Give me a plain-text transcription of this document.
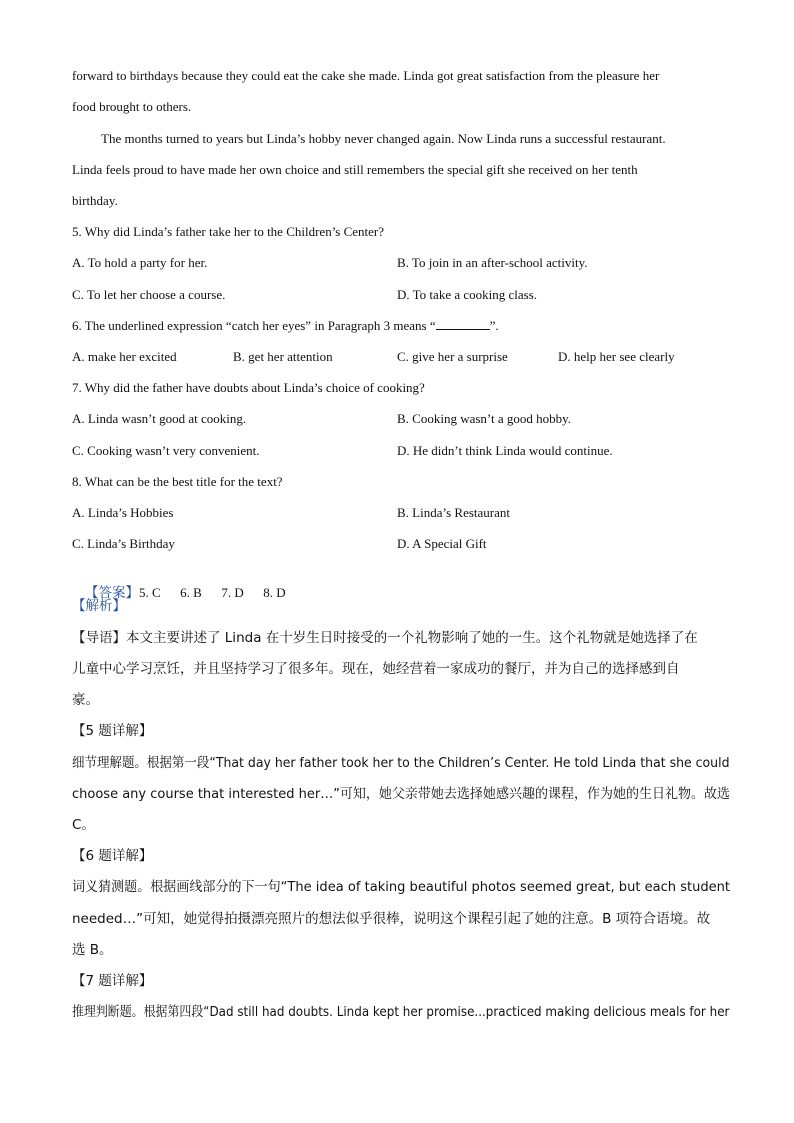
forward to birthdays because they could eat the cake she made. Linda got great satisfaction from the pleasure her
food brought to others.
The months turned to years but Linda’s hobby never changed again. Now Linda runs a successful restaurant.
Linda feels proud to have made her own choice and still remembers the special gift she received on her tenth
birthday.
5. Why did Linda’s father take her to the Children’s Center?
A. To hold a party for her.	B. To join in an after-school activity.
C. To let her choose a course.	D. To take a cooking class.
6. The underlined expression “catch her eyes” in Paragraph 3 means “	”.
A. make her excited	B. get her attention	C. give her a surprise	D. help her see clearly
7. Why did the father have doubts about Linda’s choice of cooking?
A. Linda wasn’t good at cooking.	B. Cooking wasn’t a good hobby.
C. Cooking wasn’t very convenient.	D. He didn’t think Linda would continue.
8. What can be the best title for the text?
A. Linda’s Hobbies	B. Linda’s Restaurant
C. Linda’s Birthday	D. A Special Gift

【答案】5. C      6. B      7. D      8. D

【解析】
【导语】本文主要讲述了 Linda 在十岁生日时接受的一个礼物影响了她的一生。这个礼物就是她选择了在
儿童中心学习烹饪，并且坚持学习了很多年。现在，她经营着一家成功的餐厅，并为自己的选择感到自
豪。
【5 题详解】
细节理解题。根据第一段“That day her father took her to the Children’s Center. He told Linda that she could
choose any course that interested her…”可知，她父亲带她去选择她感兴趣的课程，作为她的生日礼物。故选
C。
【6 题详解】
词义猜测题。根据画线部分的下一句“The idea of taking beautiful photos seemed great, but each student
needed…”可知，她觉得拍摄漂亮照片的想法似乎很棒，说明这个课程引起了她的注意。B 项符合语境。故
选 B。
【7 题详解】
推理判断题。根据第四段“Dad still had doubts. Linda kept her promise...practiced making delicious meals for her
